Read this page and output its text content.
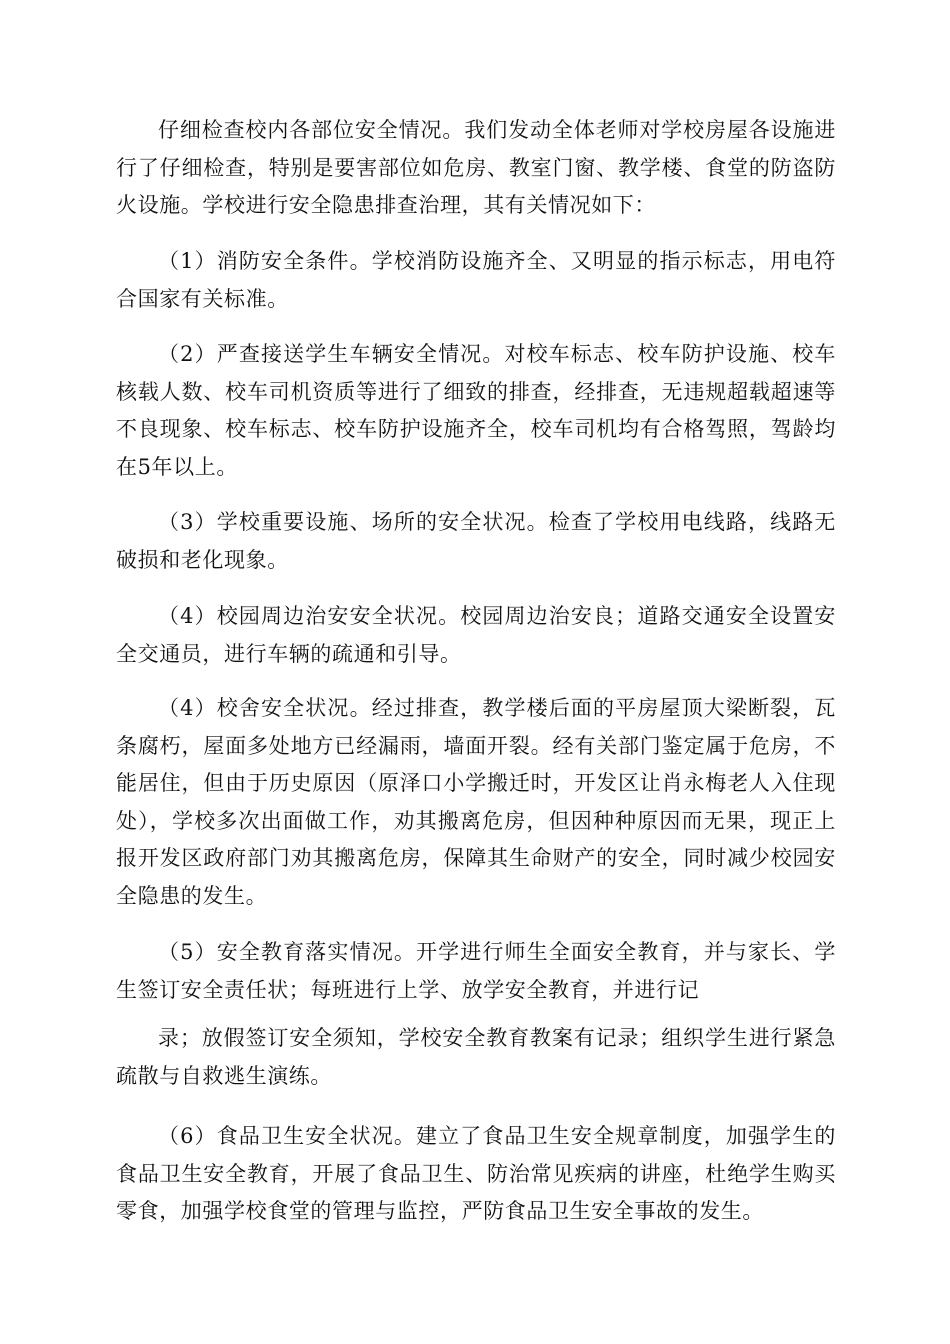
仔细检查校内各部位安全情况。我们发动全体老师对学校房屋各设施进行了仔细检查，特别是要害部位如危房、教室门窗、教学楼、食堂的防盗防火设施。学校进行安全隐患排查治理，其有关情况如下：

（1）消防安全条件。学校消防设施齐全、又明显的指示标志，用电符合国家有关标准。

（2）严查接送学生车辆安全情况。对校车标志、校车防护设施、校车核载人数、校车司机资质等进行了细致的排查，经排查，无违规超载超速等不良现象、校车标志、校车防护设施齐全，校车司机均有合格驾照，驾龄均在5年以上。

（3）学校重要设施、场所的安全状况。检查了学校用电线路，线路无破损和老化现象。

（4）校园周边治安安全状况。校园周边治安良；道路交通安全设置安全交通员，进行车辆的疏通和引导。

（4）校舍安全状况。经过排查，教学楼后面的平房屋顶大梁断裂，瓦条腐朽，屋面多处地方已经漏雨，墙面开裂。经有关部门鉴定属于危房，不能居住，但由于历史原因（原泽口小学搬迁时，开发区让肖永梅老人入住现处），学校多次出面做工作，劝其搬离危房，但因种种原因而无果，现正上报开发区政府部门劝其搬离危房，保障其生命财产的安全，同时减少校园安全隐患的发生。

（5）安全教育落实情况。开学进行师生全面安全教育，并与家长、学生签订安全责任状；每班进行上学、放学安全教育，并进行记

录；放假签订安全须知，学校安全教育教案有记录；组织学生进行紧急疏散与自救逃生演练。

（6）食品卫生安全状况。建立了食品卫生安全规章制度，加强学生的食品卫生安全教育，开展了食品卫生、防治常见疾病的讲座，杜绝学生购买零食，加强学校食堂的管理与监控，严防食品卫生安全事故的发生。
